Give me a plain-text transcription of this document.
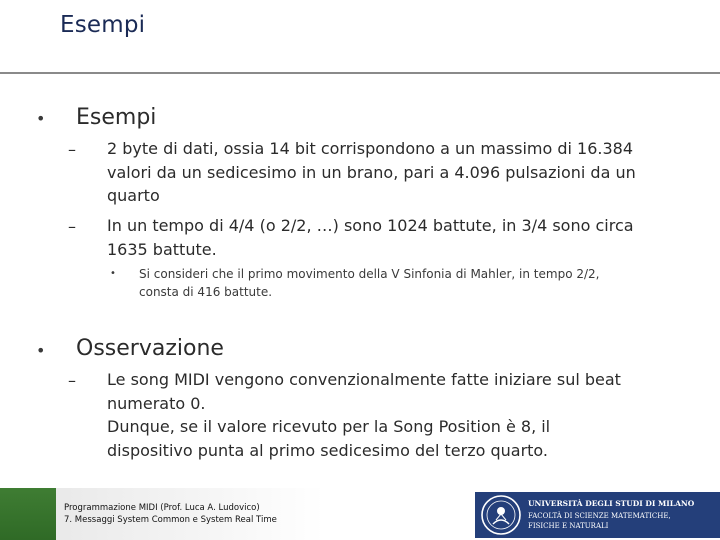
Esempi
• Esempi
– 2 byte di dati, ossia 14 bit corrispondono a un massimo di 16.384
valori da un sedicesimo in un brano, pari a 4.096 pulsazioni da un
quarto
– In un tempo di 4/4 (o 2/2, …) sono 1024 battute, in 3/4 sono circa
1635 battute.
• Si consideri che il primo movimento della V Sinfonia di Mahler, in tempo 2/2,
consta di 416 battute.
• Osservazione
– Le song MIDI vengono convenzionalmente fatte iniziare sul beat
numerato 0.
Dunque, se il valore ricevuto per la Song Position è 8, il
dispositivo punta al primo sedicesimo del terzo quarto.
Programmazione MIDI (Prof. Luca A. Ludovico)
7. Messaggi System Common e System Real Time
UNIVERSITÀ DEGLI STUDI DI MILANO
FACOLTÀ DI SCIENZE MATEMATICHE,
FISICHE E NATURALI
